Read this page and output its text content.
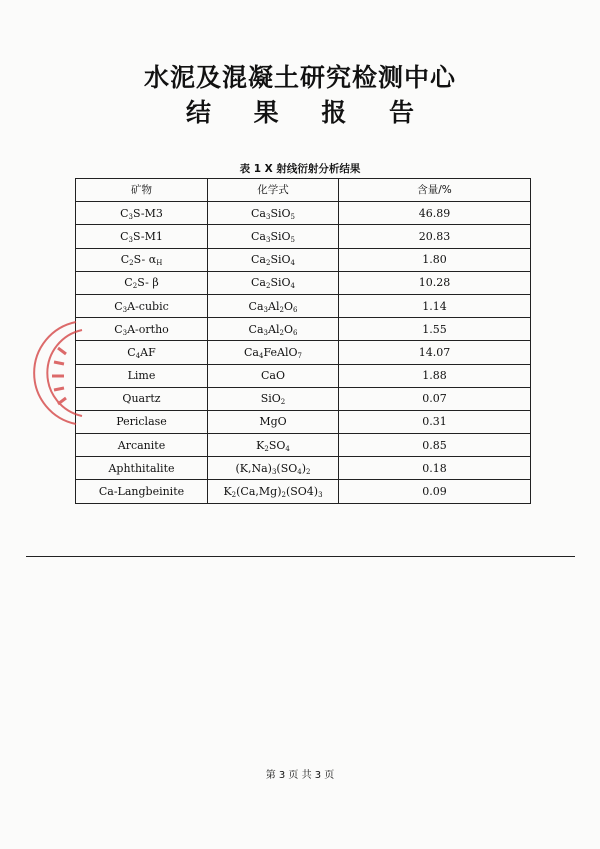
水泥及混凝土研究检测中心
结 果 报 告
表 1 X 射线衍射分析结果
矿物	化学式	含量/%
$C_3S-M3$	$Ca_3SiO_5$	46.89
$C_3S-M1$	$Ca_3SiO_5$	20.83
$C_2S-$ $\alpha_H$	$Ca_2SiO_4$	1.80
$C_2S-$ β	$Ca_2SiO_4$	10.28
$C_3A$-cubic	$Ca_3Al_2O_6$	1.14
$C_3A$-ortho	$Ca_3Al_2O_6$	1.55
$C_4AF$	$Ca_4FeAlO_7$	14.07
Lime	CaO	1.88
Quartz	SiO$_2$	0.07
Periclase	MgO	0.31
Arcanite	$K_2SO_4$	0.85
Aphthitalite	$(K,Na)_3(SO_4)_2$	0.18
Ca-Langbeinite	$K_2(Ca,Mg)_2(SO4)_3$	0.09
第 3 页 共 3 页
